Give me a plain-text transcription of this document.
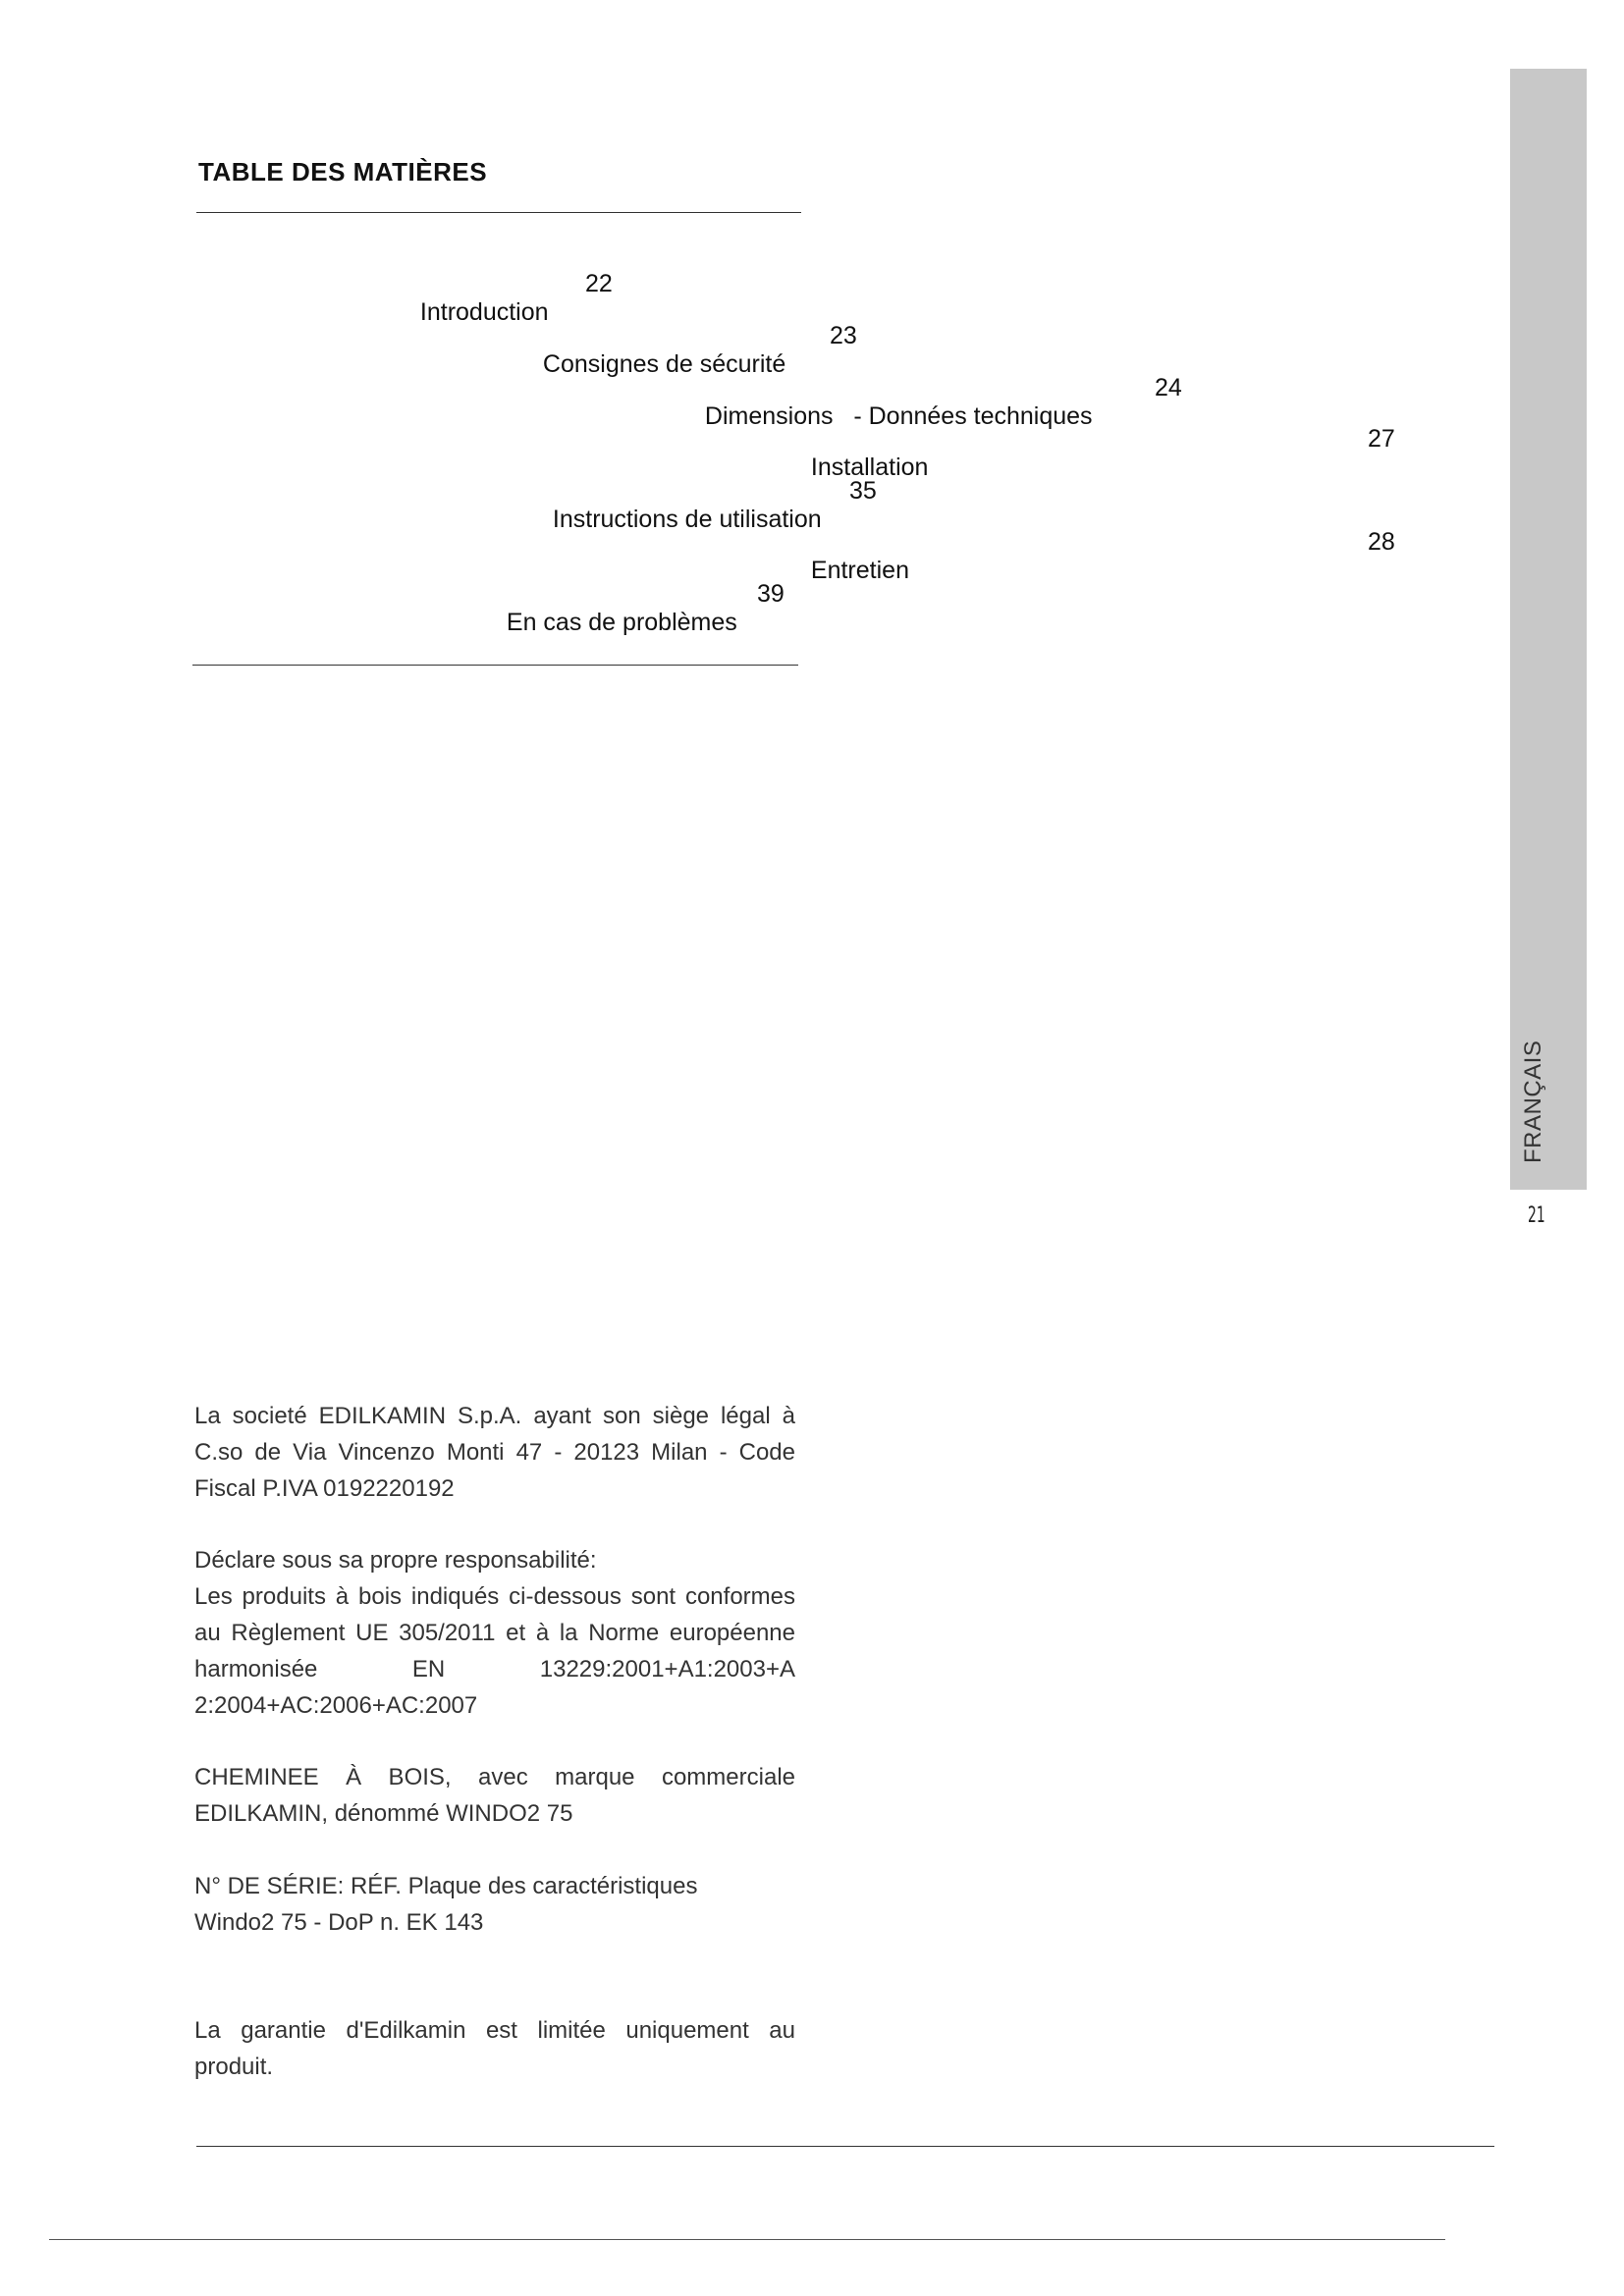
TABLE DES MATIÈRES

Introduction

22

Consignes de sécurité

23

Dimensions   - Données techniques

24

Installation

27

Instructions de utilisation

35

Entretien

28

En cas de problèmes

39
FRANÇAIS
21

La societé EDILKAMIN S.p.A. ayant son siège légal à C.so de Via Vincenzo Monti 47 - 20123 Milan - Code Fiscal P.IVA 0192220192

Déclare sous sa propre responsabilité:

Les produits à bois indiqués ci-dessous sont conformes au Règlement UE 305/2011 et à la Norme européenne harmonisée EN 13229:2001+A1:2003+A 2:2004+AC:2006+AC:2007

CHEMINEE À BOIS, avec marque commerciale EDILKAMIN, dénommé WINDO2 75

N° DE SÉRIE: RÉF. Plaque des caractéristiques

Windo2 75 - DoP n. EK 143

La garantie d'Edilkamin est limitée uniquement au produit.
